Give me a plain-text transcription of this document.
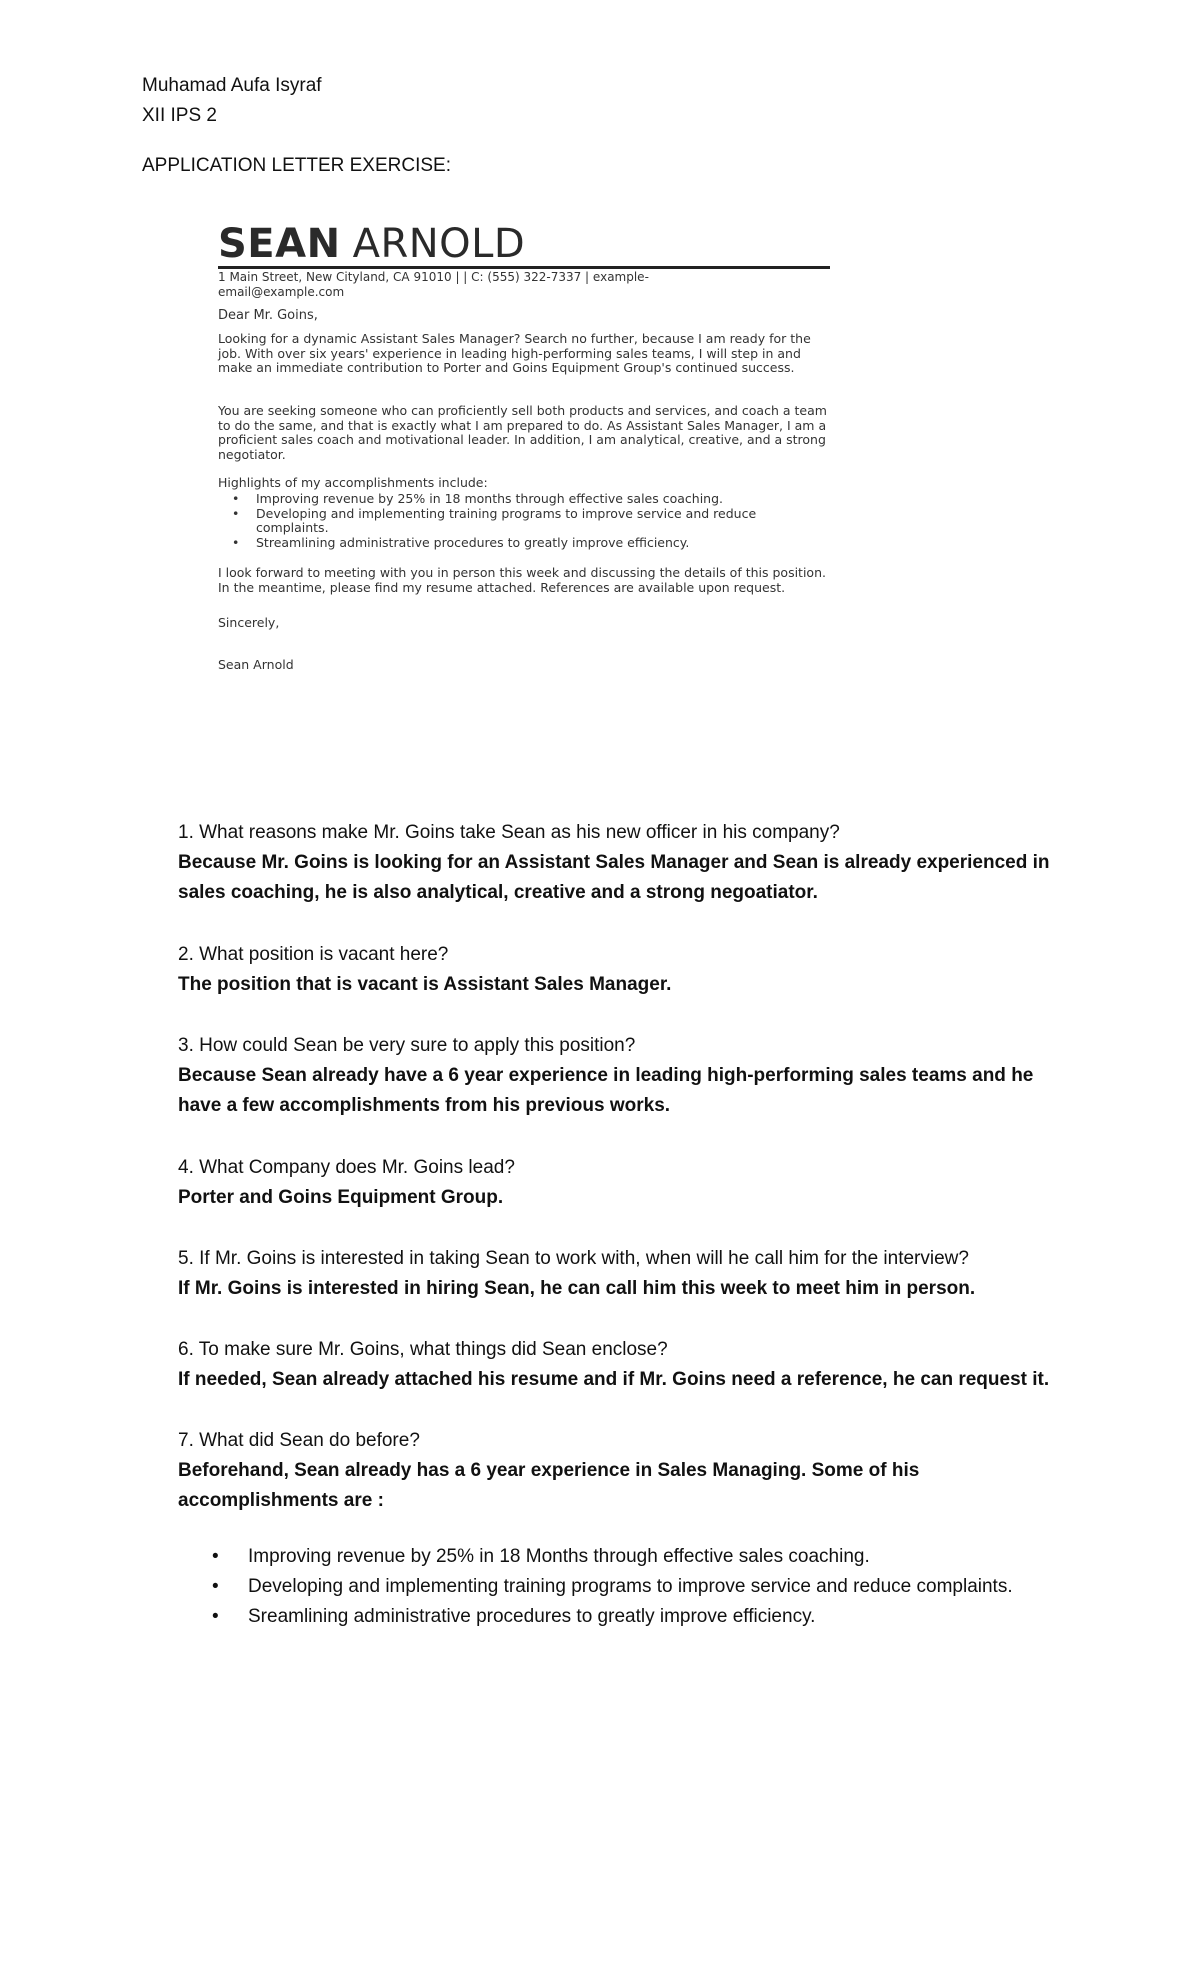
Muhamad Aufa Isyraf
XII IPS 2
APPLICATION LETTER EXERCISE:
SEAN ARNOLD
1 Main Street, New Cityland, CA 91010 | | C: (555) 322-7337 | example-email@example.com
Dear Mr. Goins,

Looking for a dynamic Assistant Sales Manager? Search no further, because I am ready for the job. With over six years' experience in leading high-performing sales teams, I will step in and make an immediate contribution to Porter and Goins Equipment Group's continued success.

You are seeking someone who can proficiently sell both products and services, and coach a team to do the same, and that is exactly what I am prepared to do. As Assistant Sales Manager, I am a proficient sales coach and motivational leader. In addition, I am analytical, creative, and a strong negotiator.

Highlights of my accomplishments include:

• Improving revenue by 25% in 18 months through effective sales coaching.
• Developing and implementing training programs to improve service and reduce complaints.
• Streamlining administrative procedures to greatly improve efficiency.

I look forward to meeting with you in person this week and discussing the details of this position. In the meantime, please find my resume attached. References are available upon request.

Sincerely,

Sean Arnold

1. What reasons make Mr. Goins take Sean as his new officer in his company?

Because Mr. Goins is looking for an Assistant Sales Manager and Sean is already experienced in sales coaching, he is also analytical, creative and a strong negoatiator.

2. What position is vacant here?

The position that is vacant is Assistant Sales Manager.

3. How could Sean be very sure to apply this position?

Because Sean already have a 6 year experience in leading high-performing sales teams and he have a few accomplishments from his previous works.

4. What Company does Mr. Goins lead?

Porter and Goins Equipment Group.

5. If Mr. Goins is interested in taking Sean to work with, when will he call him for the interview?

If Mr. Goins is interested in hiring Sean, he can call him this week to meet him in person.

6. To make sure Mr. Goins, what things did Sean enclose?

If needed, Sean already attached his resume and if Mr. Goins need a reference, he can request it.

7. What did Sean do before?

Beforehand, Sean already has a 6 year experience in Sales Managing. Some of his accomplishments are :

• Improving revenue by 25% in 18 Months through effective sales coaching.
• Developing and implementing training programs to improve service and reduce complaints.
• Sreamlining administrative procedures to greatly improve efficiency.
